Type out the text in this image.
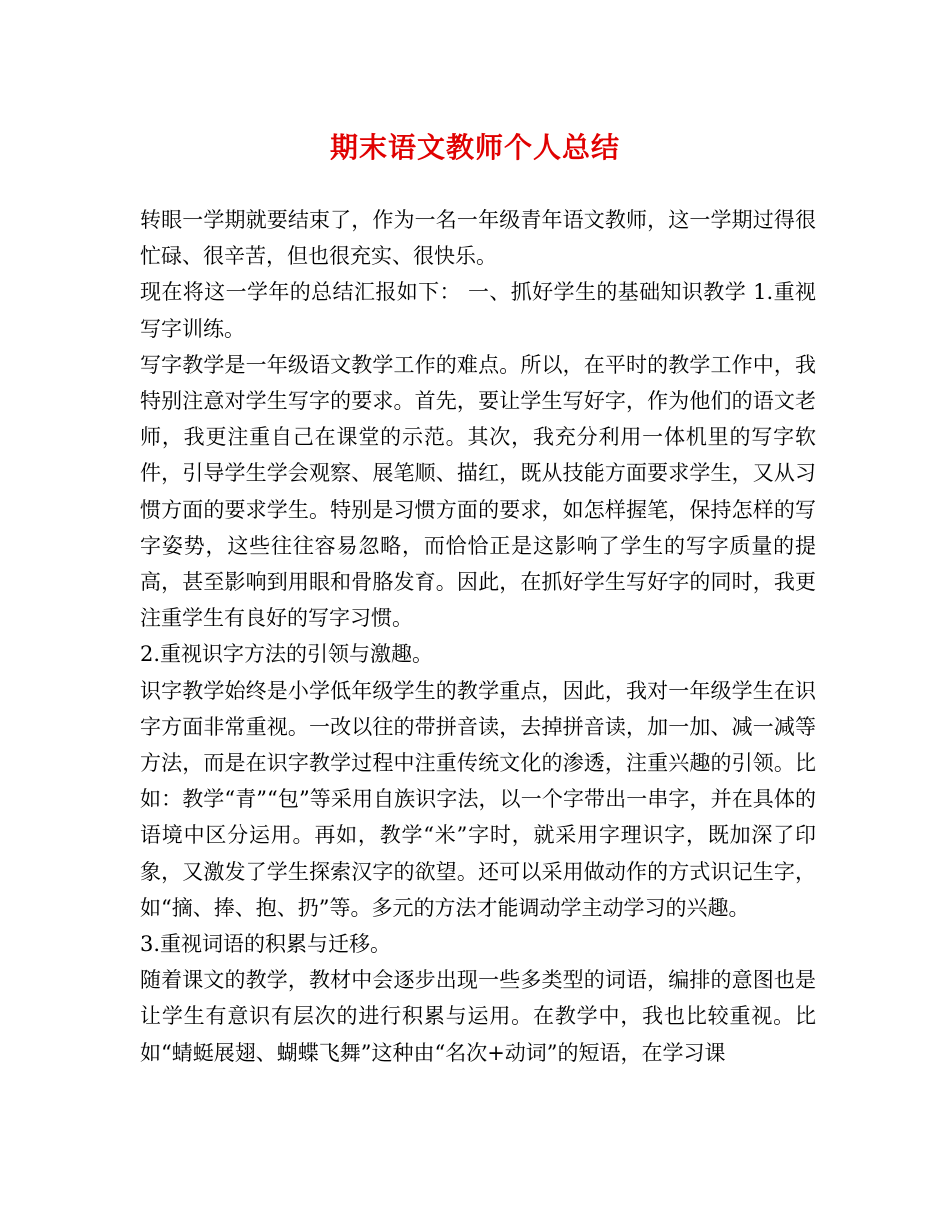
期末语文教师个人总结

转眼一学期就要结束了，作为一名一年级青年语文教师，这一学期过得很忙碌、很辛苦，但也很充实、很快乐。

现在将这一学年的总结汇报如下： 一、抓好学生的基础知识教学 1.重视写字训练。

写字教学是一年级语文教学工作的难点。所以，在平时的教学工作中，我特别注意对学生写字的要求。首先，要让学生写好字，作为他们的语文老师，我更注重自己在课堂的示范。其次，我充分利用一体机里的写字软件，引导学生学会观察、展笔顺、描红，既从技能方面要求学生，又从习惯方面的要求学生。特别是习惯方面的要求，如怎样握笔，保持怎样的写字姿势，这些往往容易忽略，而恰恰正是这影响了学生的写字质量的提高，甚至影响到用眼和骨胳发育。因此，在抓好学生写好字的同时，我更注重学生有良好的写字习惯。

2.重视识字方法的引领与激趣。

识字教学始终是小学低年级学生的教学重点，因此，我对一年级学生在识字方面非常重视。一改以往的带拼音读，去掉拼音读，加一加、减一减等方法，而是在识字教学过程中注重传统文化的渗透，注重兴趣的引领。比如：教学“青”“包”等采用自族识字法，以一个字带出一串字，并在具体的语境中区分运用。再如，教学“米”字时，就采用字理识字，既加深了印象，又激发了学生探索汉字的欲望。还可以采用做动作的方式识记生字，如“摘、捧、抱、扔”等。多元的方法才能调动学主动学习的兴趣。

3.重视词语的积累与迁移。

随着课文的教学，教材中会逐步出现一些多类型的词语，编排的意图也是让学生有意识有层次的进行积累与运用。在教学中，我也比较重视。比如“蜻蜓展翅、蝴蝶飞舞”这种由“名次+动词”的短语，在学习课
